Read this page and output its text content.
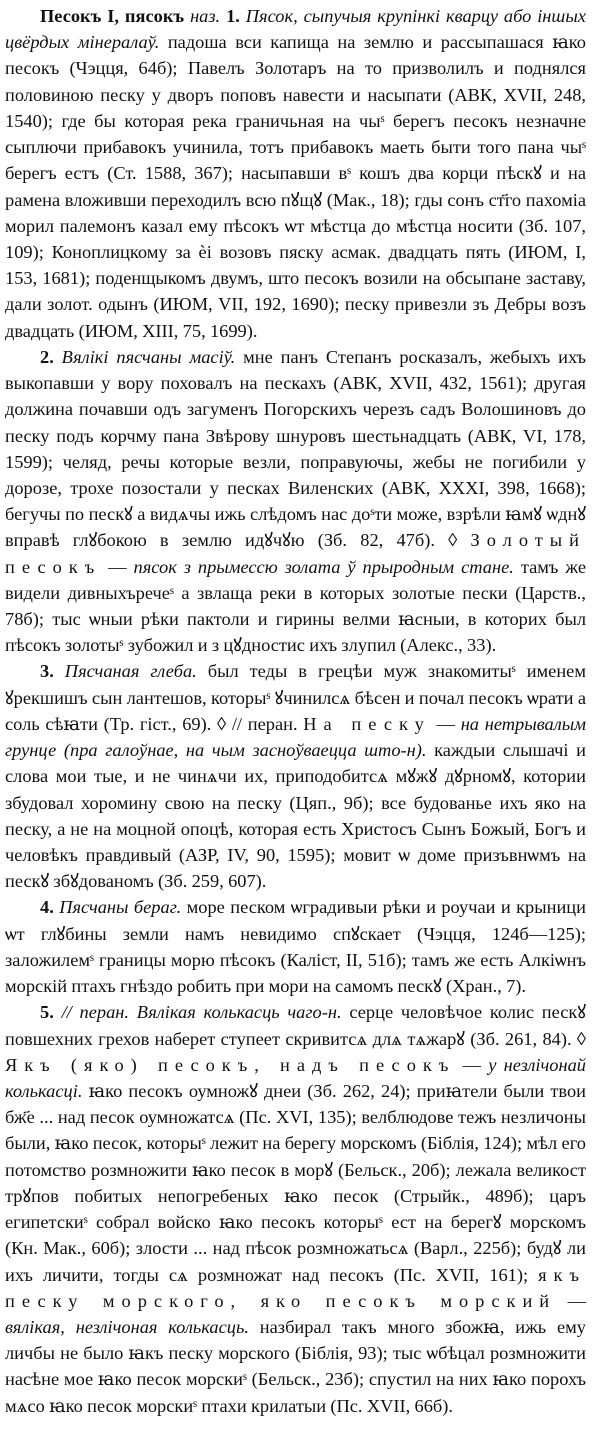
Песокъ І, пясокъ наз. 1. Пясок, сыпучыя крупінкі кварцу або іншых цвёрдых мінералаў. падоша вси капища на землю и рассыпашася ꙗко песокъ (Чэцця, 64б); Павелъ Золотаръ на то призволилъ и поднялся половиною песку у дворъ поповъ навести и насыпати (АВК, XVII, 248, 1540); где бы которая река граничьная на чыˢ берегъ песокъ незначне сыплючи прибавокъ учинила, тотъ прибавокъ маеть быти того пана чыˢ берегъ естъ (Ст. 1588, 367); насыпавши вˢ кошъ два корци пѣскꙋ и на рамена вложивши переходилъ всю пꙋщꙋ (Мак., 18); гды сонъ ст҃го пахоміа морил палемонъ казал ему пѣсокъ ѡт мѣстца до мѣстца носити (Зб. 107, 109); Коноплицкому за ѐі возовъ пяску асмак. двадцать пять (ИЮМ, І, 153, 1681); поденщыкомъ двумъ, што песокъ возили на обсыпане заставу, дали золот. одынъ (ИЮМ, VII, 192, 1690); песку привезли зъ Дебры возъ двадцать (ИЮМ, XIII, 75, 1699).

2. Вялікі пясчаны масіў. мне панъ Степанъ росказалъ, жебыхъ ихъ выкопавши у вору поховалъ на пескахъ (АВК, XVII, 432, 1561); другая должина почавши одъ загуменъ Погорскихъ черезъ садъ Волошиновъ до песку подъ корчму пана Звѣрову шнуровъ шестьнадцать (АВК, VI, 178, 1599); челяд, речы которые везли, поправуючы, жебы не погибили у дорозе, трохе позостали у песках Виленских (АВК, XXXI, 398, 1668); бегучы по пескꙋ а видѧчы ижь слѣдомъ нас доˢти може, взрѣли ꙗмꙋ ѡднꙋ вправѣ глꙋбокою в землю идꙋчꙋю (Зб. 82, 47б). ◊ Золотый песокъ — пясок з прымессю золата ў прыродным стане. тамъ же видели дивныхъречеˢ а звлаща реки в которых золотые пески (Царств., 78б); тыс ѡныи рѣки пактоли и гирины велми ꙗсныи, в которих был пѣсокъ золотыˢ зубожил и з цꙋдностис ихъ злупил (Алекс., 33).

3. Пясчаная глеба. был теды в грецѣи муж знакомитыˢ именем ꙋрекшишъ сын лантешов, которыˢ ꙋчинилсѧ бѣсен и почал песокъ ѡрати а соль сѣꙗти (Тр. гіст., 69). ◊ // перан. На песку — на нетрывалым грунце (пра галоўнае, на чым засноўваецца што-н). каждыи слышачі и слова мои тые, и не чинѧчи их, приподобитсѧ мꙋжꙋ дꙋрномꙋ, котории збудовал хоромину свою на песку (Цяп., 9б); все будованье ихъ яко на песку, а не на моцной опоцѣ, которая есть Христосъ Сынъ Божый, Богъ и человѣкъ правдивый (АЗР, IV, 90, 1595); мовит ѡ доме призъвнѡмъ на пескꙋ збꙋдованомъ (Зб. 259, 607).

4. Пясчаны бераг. море песком ѡградивыи рѣки и роучаи и крыници ѡт глꙋбины земли намъ невидимо спꙋскает (Чэцця, 124б—125); заложилемˢ границы морю пѣсокъ (Каліст, ІІ, 51б); тамъ же есть Алкіѡнъ морскій птахъ гнѣздо робить при мори на самомъ пескꙋ (Хран., 7).

5. // перан. Вялікая колькасць чаго-н. серце человѣчое колис пескꙋ повшехних грехов наберет ступеет скривитсѧ длѧ тѧжарꙋ (Зб. 261, 84). ◊ Якъ (яко) песокъ, надъ песокъ — у незлічонай колькасці. ꙗко песокъ оумножꙋ днеи (Зб. 262, 24); приꙗтели были твои бж҃е ... над песок оумножатсѧ (Пс. XVI, 135); велблюдове тежъ незличоны были, ꙗко песок, которыˢ лежит на берегу морскомъ (Біблія, 124); мѣл его потомство розмножити ꙗко песок в морꙋ (Бельск., 20б); лежала великост трꙋпов побитых непогребеных ꙗко песок (Стрыйк., 489б); царъ египетскиˢ собрал войско ꙗко песокъ которыˢ ест на берегꙋ морскомъ (Кн. Мак., 60б); злости ... над пѣсок розмножатьсѧ (Варл., 225б); будꙋ ли ихъ личити, тогды сѧ розмножат над песокъ (Пс. XVII, 161); якъ песку морского, яко песокъ морский — вялікая, незлічоная колькасць. назбирал такъ много збожꙗ, ижь ему личбы не было ꙗкъ песку морского (Біблія, 93); тыс ѡбѣцал розмножити насѣне мое ꙗко песок морскиˢ (Бельск., 23б); спустил на них ꙗко порохъ мѧсо ꙗко песок морскиˢ птахи крилатыи (Пс. XVII, 66б).
